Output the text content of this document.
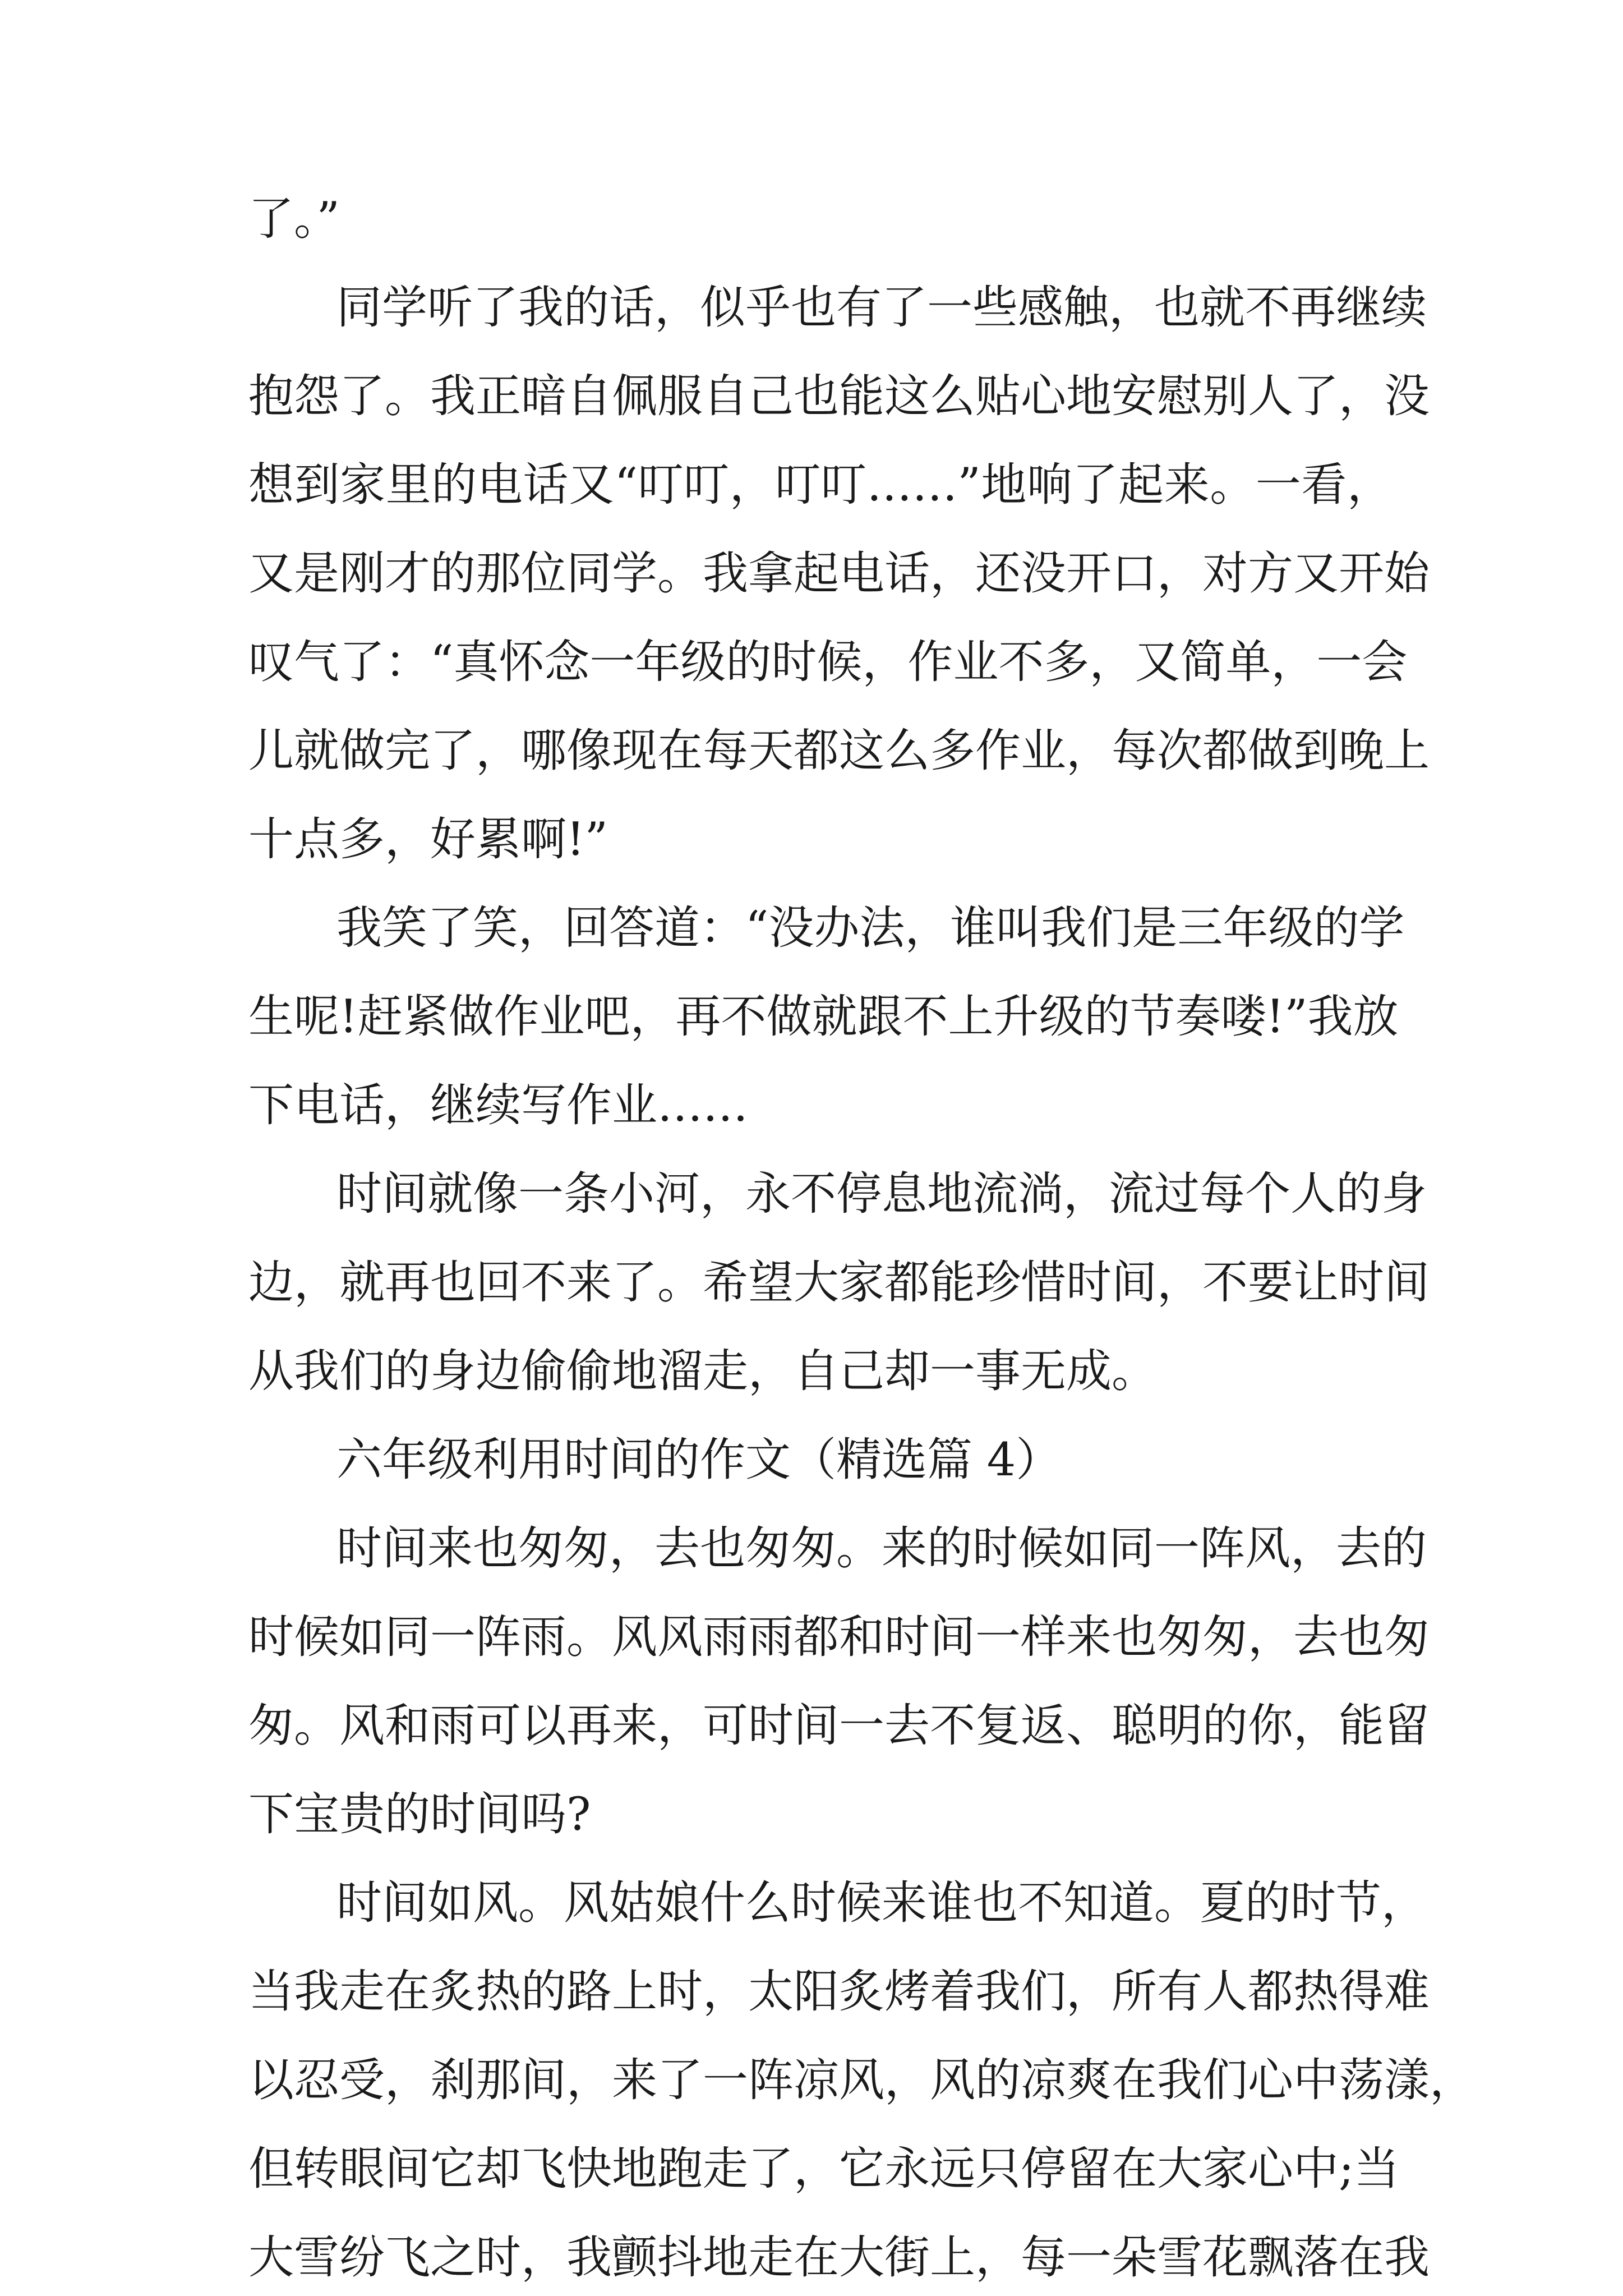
了。”
同学听了我的话，似乎也有了一些感触，也就不再继续
抱怨了。我正暗自佩服自己也能这么贴心地安慰别人了，没
想到家里的电话又“叮叮，叮叮……”地响了起来。一看，
又是刚才的那位同学。我拿起电话，还没开口，对方又开始
叹气了：“真怀念一年级的时候，作业不多，又简单，一会
儿就做完了，哪像现在每天都这么多作业，每次都做到晚上
十点多，好累啊!”
我笑了笑，回答道：“没办法，谁叫我们是三年级的学
生呢!赶紧做作业吧，再不做就跟不上升级的节奏喽!”我放
下电话，继续写作业……
时间就像一条小河，永不停息地流淌，流过每个人的身
边，就再也回不来了。希望大家都能珍惜时间，不要让时间
从我们的身边偷偷地溜走，自己却一事无成。
六年级利用时间的作文（精选篇 4）
时间来也匆匆，去也匆匆。来的时候如同一阵风，去的
时候如同一阵雨。风风雨雨都和时间一样来也匆匆，去也匆
匆。风和雨可以再来，可时间一去不复返、聪明的你，能留
下宝贵的时间吗?
时间如风。风姑娘什么时候来谁也不知道。夏的时节，
当我走在炙热的路上时，太阳炙烤着我们，所有人都热得难
以忍受，刹那间，来了一阵凉风，风的凉爽在我们心中荡漾，
但转眼间它却飞快地跑走了，它永远只停留在大家心中;当
大雪纷飞之时，我颤抖地走在大街上，每一朵雪花飘落在我
